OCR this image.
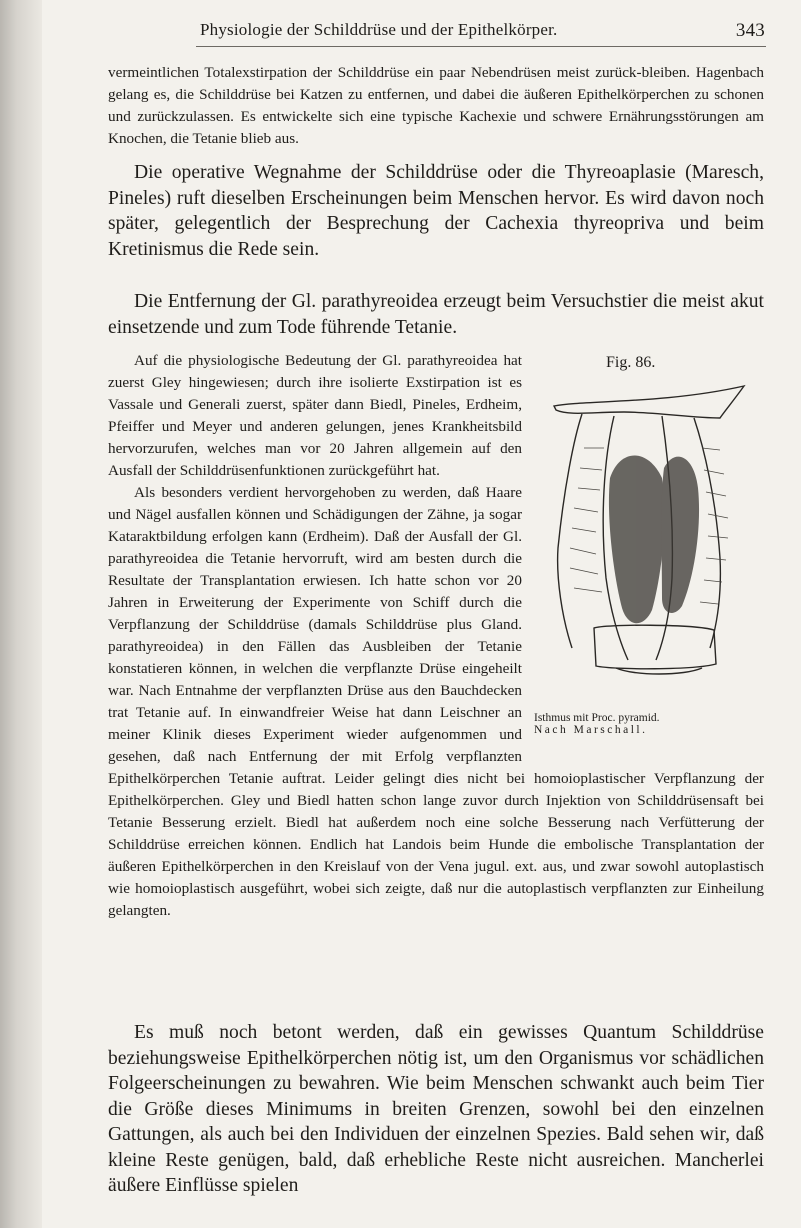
Physiologie der Schilddrüse und der Epithelkörper.	343

vermeintlichen Totalexstirpation der Schilddrüse ein paar Nebendrüsen meist zurück-bleiben. Hagenbach gelang es, die Schilddrüse bei Katzen zu entfernen, und dabei die äußeren Epithelkörperchen zu schonen und zurückzulassen. Es entwickelte sich eine typische Kachexie und schwere Ernährungsstörungen am Knochen, die Tetanie blieb aus.

Die operative Wegnahme der Schilddrüse oder die Thyreoaplasie (Maresch, Pineles) ruft dieselben Erscheinungen beim Menschen hervor. Es wird davon noch später, gelegentlich der Besprechung der Cachexia thyreopriva und beim Kretinismus die Rede sein.

Die Entfernung der Gl. parathyreoidea erzeugt beim Versuchstier die meist akut einsetzende und zum Tode führende Tetanie.

Fig. 86.
Isthmus mit Proc. pyramid.
Nach Marschall.
Auf die physiologische Bedeutung der Gl. parathyreoidea hat zuerst Gley hingewiesen; durch ihre isolierte Exstirpation ist es Vassale und Generali zuerst, später dann Biedl, Pineles, Erdheim, Pfeiffer und Meyer und anderen gelungen, jenes Krankheitsbild hervorzurufen, welches man vor 20 Jahren allgemein auf den Ausfall der Schilddrüsenfunktionen zurückgeführt hat.
Als besonders verdient hervorgehoben zu werden, daß Haare und Nägel ausfallen können und Schädigungen der Zähne, ja sogar Kataraktbildung erfolgen kann (Erdheim). Daß der Ausfall der Gl. parathyreoidea die Tetanie hervorruft, wird am besten durch die Resultate der Transplantation erwiesen. Ich hatte schon vor 20 Jahren in Erweiterung der Experimente von Schiff durch die Verpflanzung der Schilddrüse (damals Schilddrüse plus Gland. parathyreoidea) in den Fällen das Ausbleiben der Tetanie konstatieren können, in welchen die verpflanzte Drüse eingeheilt war. Nach Entnahme der verpflanzten Drüse aus den Bauchdecken trat Tetanie auf. In einwandfreier Weise hat dann Leischner an meiner Klinik dieses Experiment wieder aufgenommen und gesehen, daß nach Entfernung der mit Erfolg verpflanzten Epithelkörperchen Tetanie auftrat. Leider gelingt dies nicht bei homoioplastischer Verpflanzung der Epithelkörperchen. Gley und Biedl hatten schon lange zuvor durch Injektion von Schilddrüsensaft bei Tetanie Besserung erzielt. Biedl hat außerdem noch eine solche Besserung nach Verfütterung der Schilddrüse erreichen können. Endlich hat Landois beim Hunde die embolische Transplantation der äußeren Epithelkörperchen in den Kreislauf von der Vena jugul. ext. aus, und zwar sowohl autoplastisch wie homoioplastisch ausgeführt, wobei sich zeigte, daß nur die autoplastisch verpflanzten zur Einheilung gelangten.

Es muß noch betont werden, daß ein gewisses Quantum Schilddrüse beziehungsweise Epithelkörperchen nötig ist, um den Organismus vor schädlichen Folgeerscheinungen zu bewahren. Wie beim Menschen schwankt auch beim Tier die Größe dieses Minimums in breiten Grenzen, sowohl bei den einzelnen Gattungen, als auch bei den Individuen der einzelnen Spezies. Bald sehen wir, daß kleine Reste genügen, bald, daß erhebliche Reste nicht ausreichen. Mancherlei äußere Einflüsse spielen
